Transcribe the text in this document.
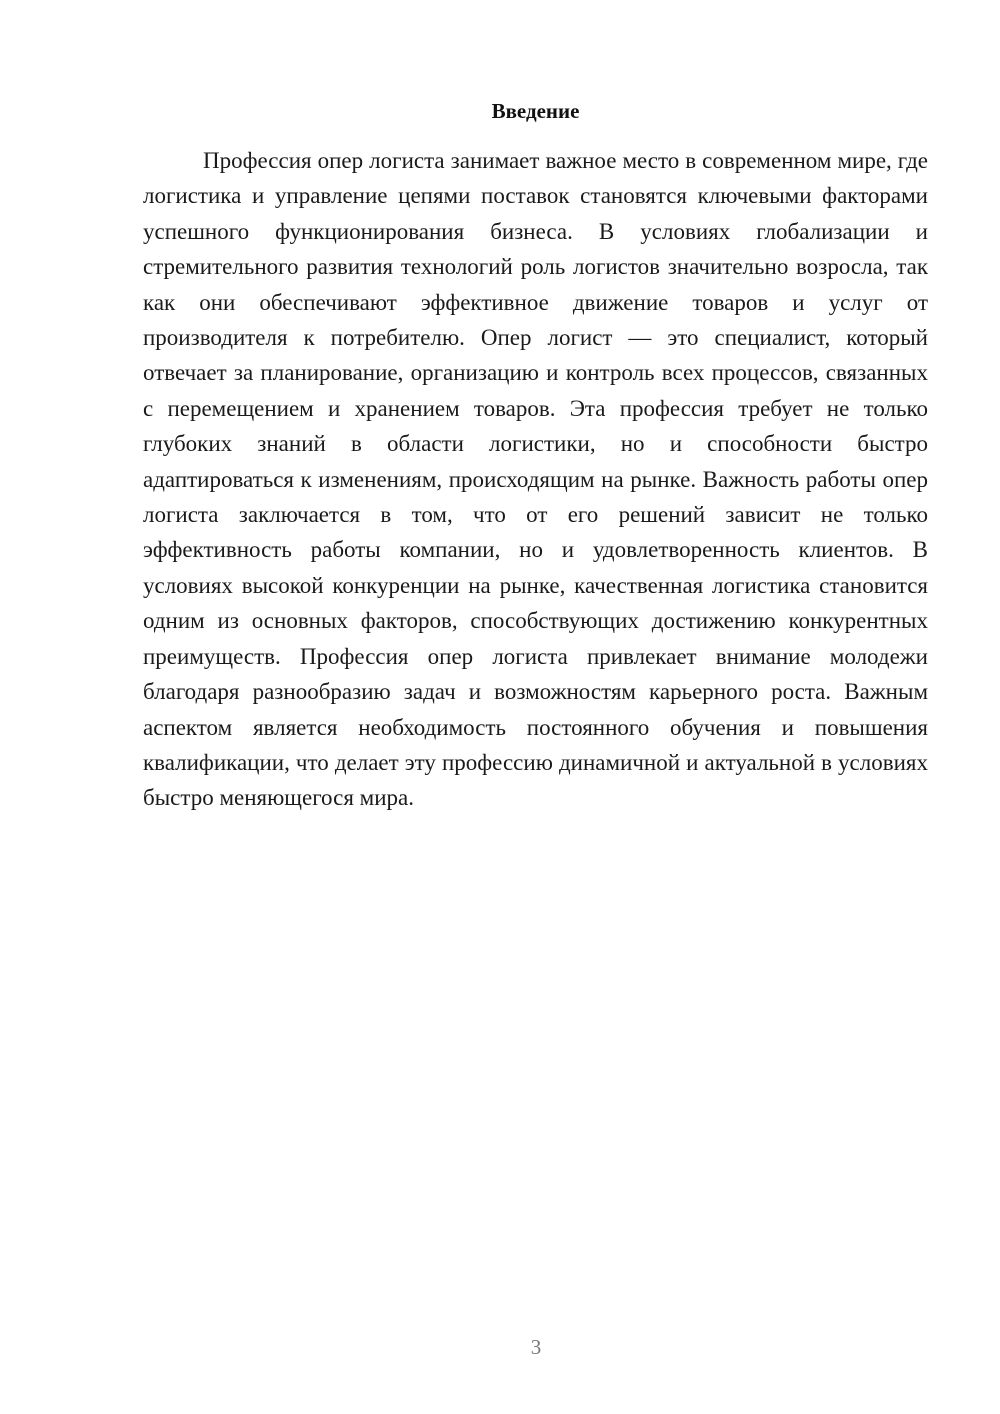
Введение

Профессия опер логиста занимает важное место в современном мире, где логистика и управление цепями поставок становятся ключевыми факторами успешного функционирования бизнеса. В условиях глобализации и стремительного развития технологий роль логистов значительно возросла, так как они обеспечивают эффективное движение товаров и услуг от производителя к потребителю. Опер логист — это специалист, который отвечает за планирование, организацию и контроль всех процессов, связанных с перемещением и хранением товаров. Эта профессия требует не только глубоких знаний в области логистики, но и способности быстро адаптироваться к изменениям, происходящим на рынке. Важность работы опер логиста заключается в том, что от его решений зависит не только эффективность работы компании, но и удовлетворенность клиентов. В условиях высокой конкуренции на рынке, качественная логистика становится одним из основных факторов, способствующих достижению конкурентных преимуществ. Профессия опер логиста привлекает внимание молодежи благодаря разнообразию задач и возможностям карьерного роста. Важным аспектом является необходимость постоянного обучения и повышения квалификации, что делает эту профессию динамичной и актуальной в условиях быстро меняющегося мира.

3
